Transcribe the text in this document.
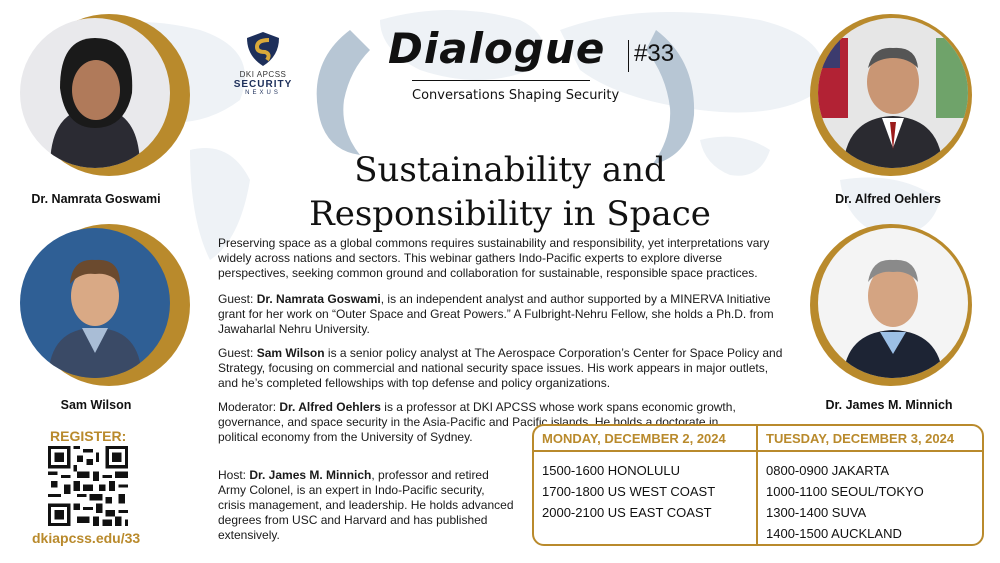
DKI APCSS
SECURITY
NEXUS
Dialogue #33
Conversations Shaping Security
Sustainability and
Responsibility in Space
Dr. Namrata Goswami
Sam Wilson
Dr. Alfred Oehlers
Dr. James M. Minnich
Preserving space as a global commons requires sustainability and responsibility, yet interpretations vary widely across nations and sectors. This webinar gathers Indo-Pacific experts to explore diverse perspectives, seeking common ground and collaboration for sustainable, responsible space practices.
Guest: Dr. Namrata Goswami, is an independent analyst and author supported by a MINERVA Initiative grant for her work on “Outer Space and Great Powers.” A Fulbright-Nehru Fellow, she holds a Ph.D. from Jawaharlal Nehru University.
Guest: Sam Wilson is a senior policy analyst at The Aerospace Corporation’s Center for Space Policy and Strategy, focusing on commercial and national security space issues. His work appears in major outlets, and he’s completed fellowships with top defense and policy organizations.
Moderator: Dr. Alfred Oehlers is a professor at DKI APCSS whose work spans economic growth, governance, and space security in the Asia-Pacific and Pacific islands. He holds a doctorate in political economy from the University of Sydney.
Host: Dr. James M. Minnich, professor and retired Army Colonel, is an expert in Indo-Pacific security, crisis management, and leadership. He holds advanced degrees from USC and Harvard and has published extensively.
REGISTER:
dkiapcss.edu/33
MONDAY, DECEMBER 2, 2024
1500-1600 HONOLULU
1700-1800 US WEST COAST
2000-2100 US EAST COAST
TUESDAY, DECEMBER 3, 2024
0800-0900 JAKARTA
1000-1100 SEOUL/TOKYO
1300-1400 SUVA
1400-1500 AUCKLAND
